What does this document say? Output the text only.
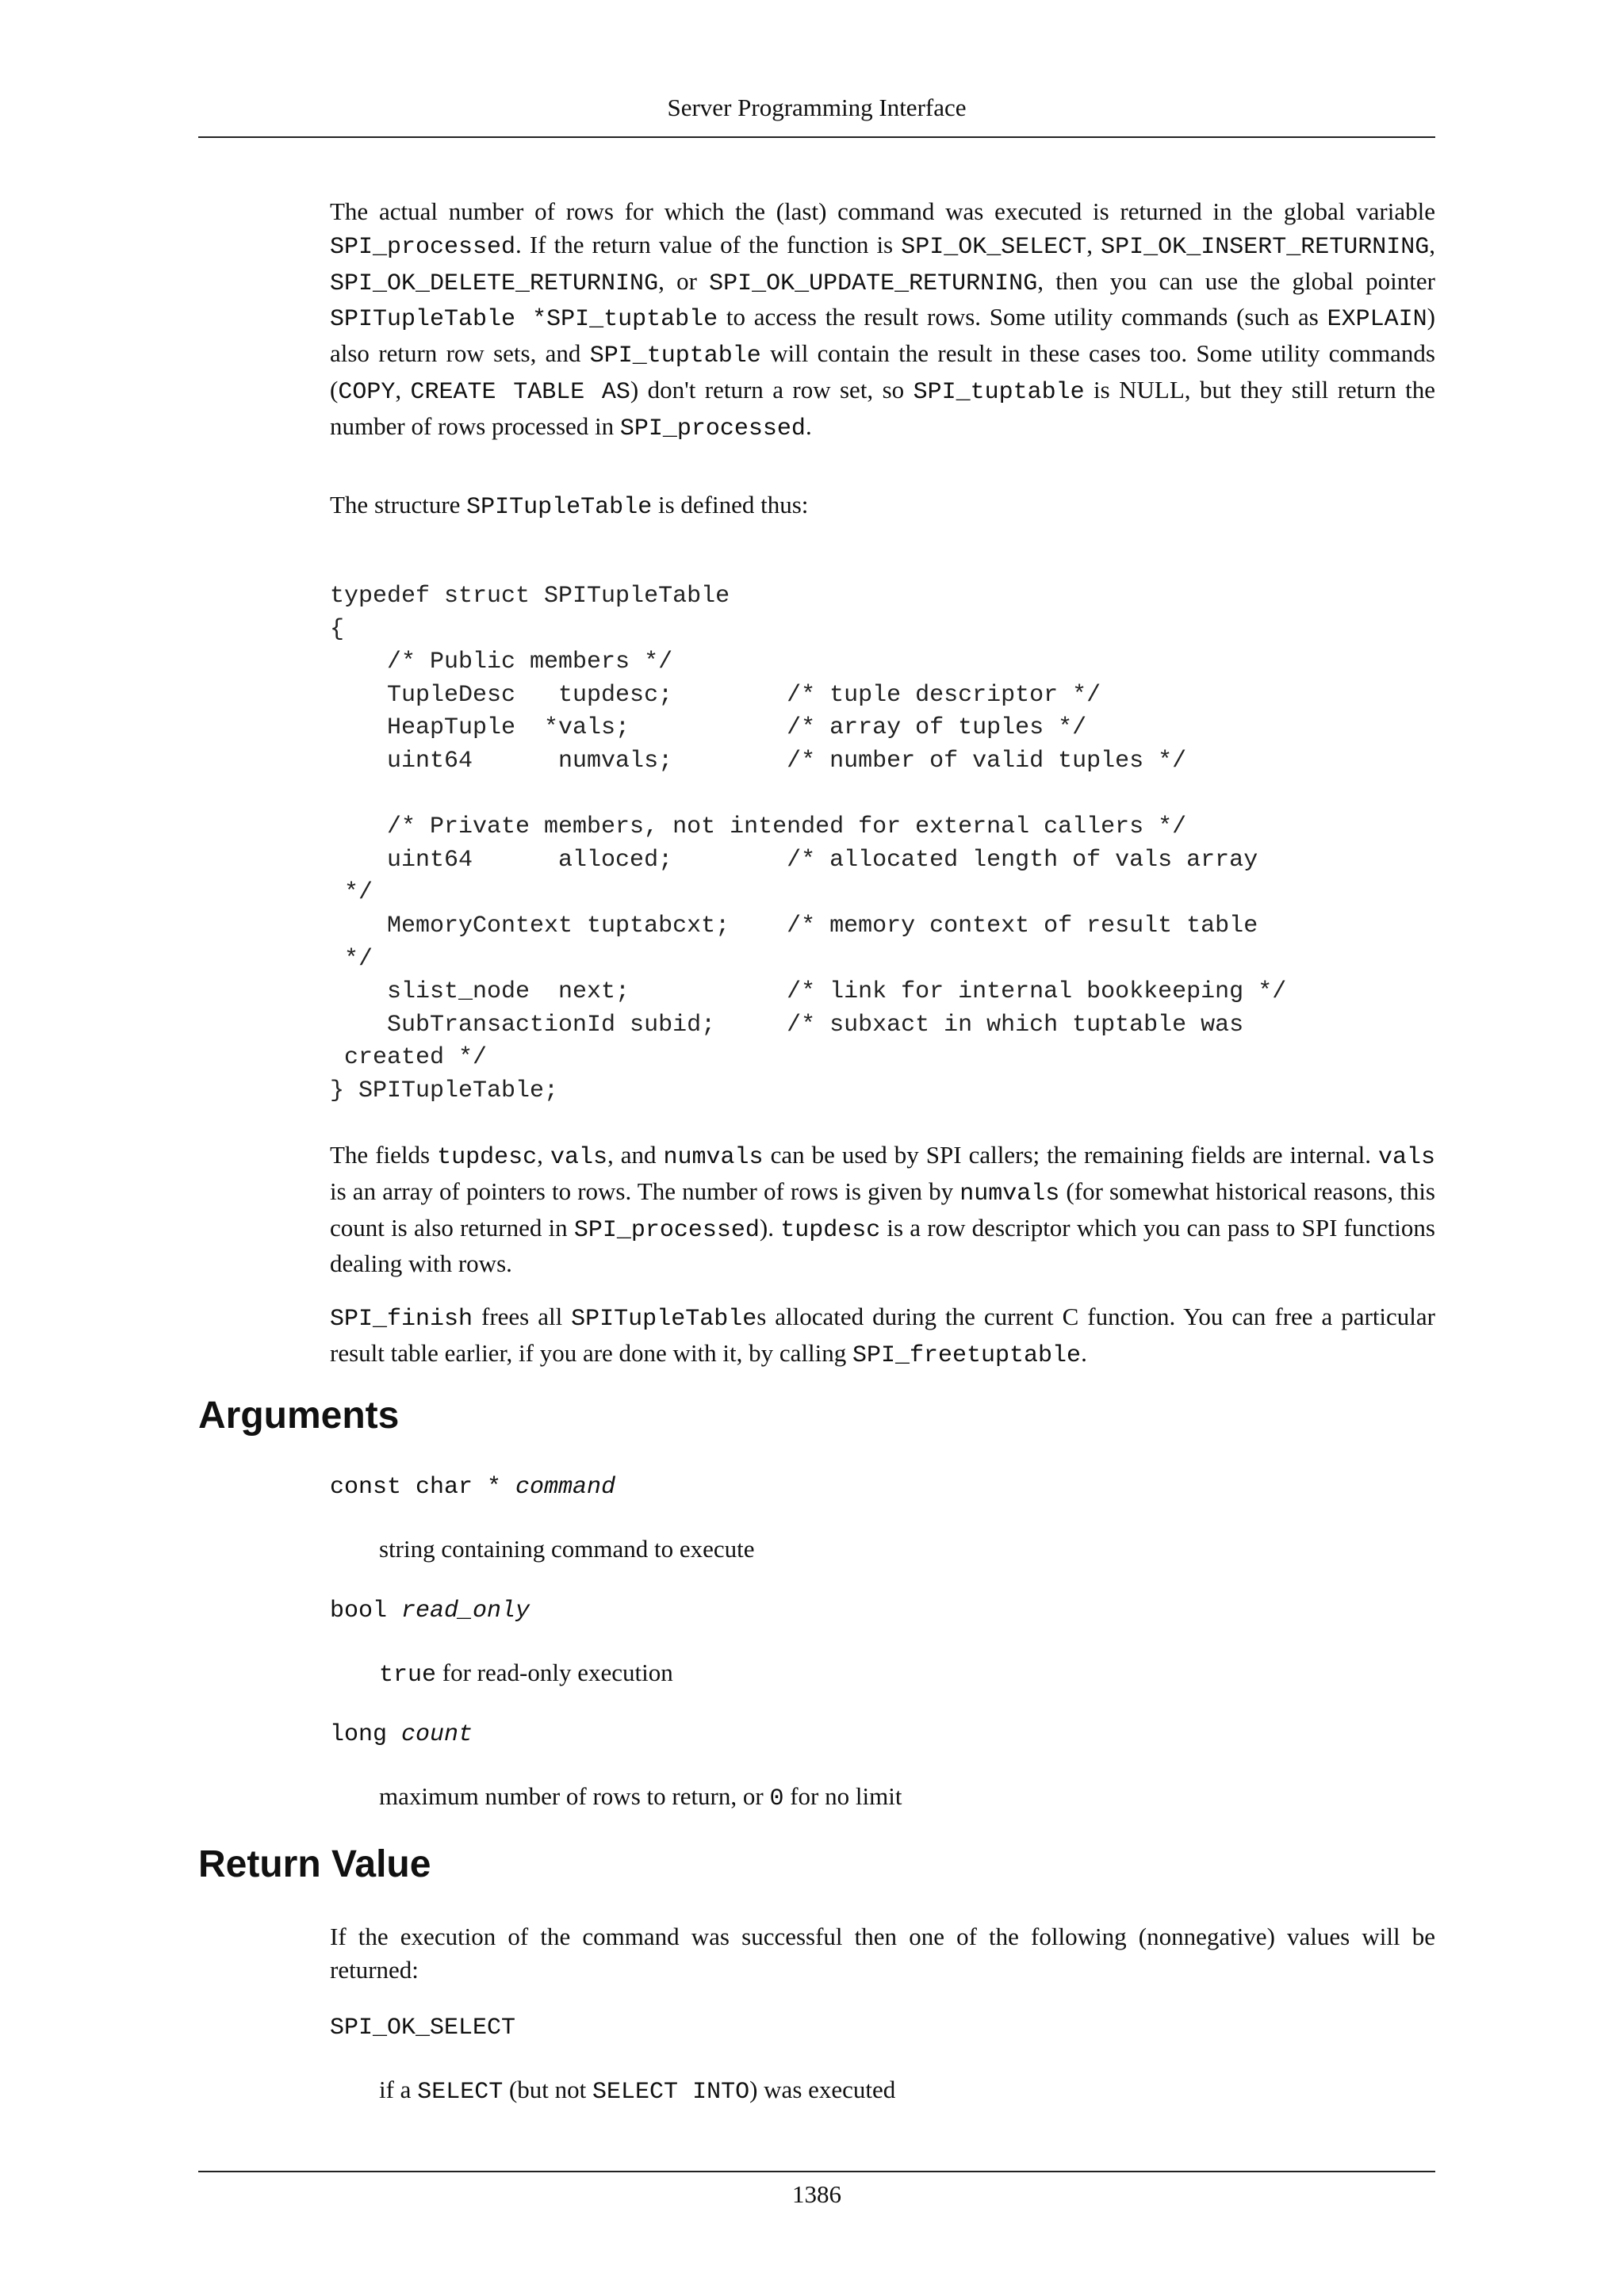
Server Programming Interface

The actual number of rows for which the (last) command was executed is returned in the global variable SPI_processed. If the return value of the function is SPI_OK_SELECT, SPI_OK_INSERT_RETURNING, SPI_OK_DELETE_RETURNING, or SPI_OK_UPDATE_RETURNING, then you can use the global pointer SPITupleTable *SPI_tuptable to access the result rows. Some utility commands (such as EXPLAIN) also return row sets, and SPI_tuptable will contain the result in these cases too. Some utility commands (COPY, CREATE TABLE AS) don't return a row set, so SPI_tuptable is NULL, but they still return the number of rows processed in SPI_processed.

The structure SPITupleTable is defined thus:

typedef struct SPITupleTable
{
/* Public members */
TupleDesc   tupdesc;        /* tuple descriptor */
HeapTuple  *vals;           /* array of tuples */
uint64      numvals;        /* number of valid tuples */

/* Private members, not intended for external callers */
uint64      alloced;        /* allocated length of vals array
*/
MemoryContext tuptabcxt;    /* memory context of result table
*/
slist_node  next;           /* link for internal bookkeeping */
SubTransactionId subid;     /* subxact in which tuptable was
created */
} SPITupleTable;

The fields tupdesc, vals, and numvals can be used by SPI callers; the remaining fields are internal. vals is an array of pointers to rows. The number of rows is given by numvals (for somewhat historical reasons, this count is also returned in SPI_processed). tupdesc is a row descriptor which you can pass to SPI functions dealing with rows.

SPI_finish frees all SPITupleTables allocated during the current C function. You can free a particular result table earlier, if you are done with it, by calling SPI_freetuptable.

Arguments

const char * command

string containing command to execute

bool read_only

true for read-only execution

long count

maximum number of rows to return, or 0 for no limit

Return Value

If the execution of the command was successful then one of the following (nonnegative) values will be returned:

SPI_OK_SELECT

if a SELECT (but not SELECT INTO) was executed

1386
